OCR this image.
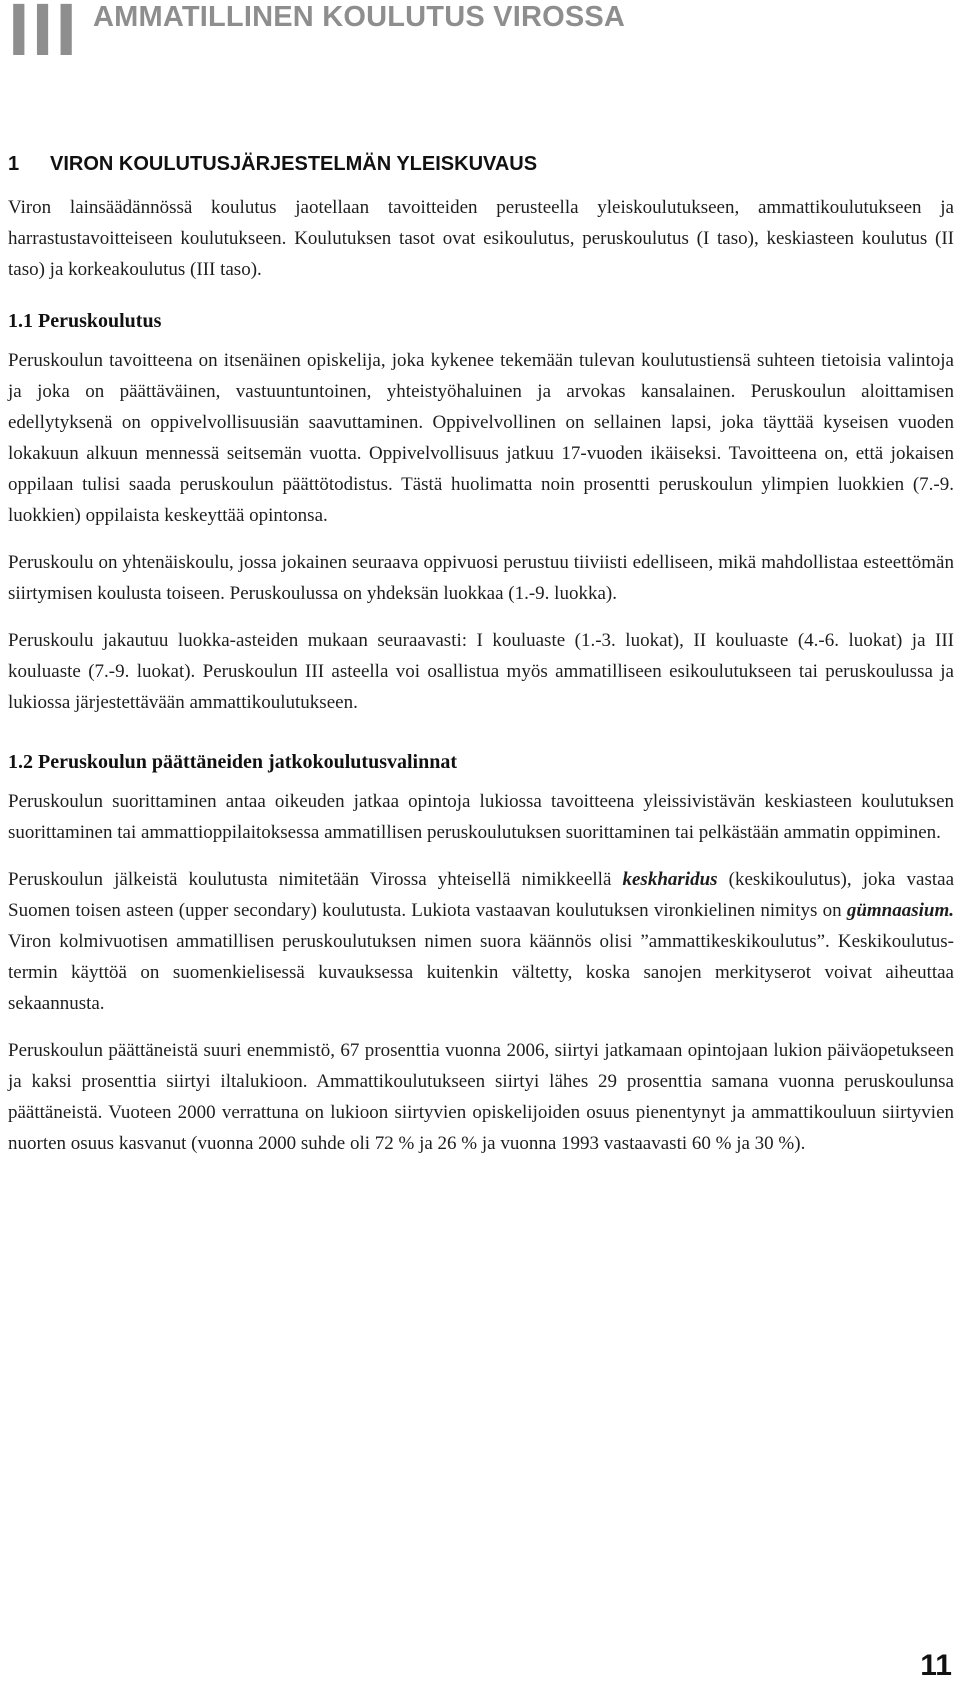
III AMMATILLINEN KOULUTUS VIROSSA
1 VIRON KOULUTUSJÄRJESTELMÄN YLEISKUVAUS

Viron lainsäädännössä koulutus jaotellaan tavoitteiden perusteella yleiskoulutukseen, ammattikoulutukseen ja harrastustavoitteiseen koulutukseen. Koulutuksen tasot ovat esikoulutus, peruskoulutus (I taso), keskiasteen koulutus (II taso) ja korkeakoulutus (III taso).

1.1 Peruskoulutus

Peruskoulun tavoitteena on itsenäinen opiskelija, joka kykenee tekemään tulevan koulutustiensä suhteen tietoisia valintoja ja joka on päättäväinen, vastuuntuntoinen, yhteistyöhaluinen ja arvokas kansalainen. Peruskoulun aloittamisen edellytyksenä on oppivelvollisuusiän saavuttaminen. Oppivelvollinen on sellainen lapsi, joka täyttää kyseisen vuoden lokakuun alkuun mennessä seitsemän vuotta. Oppivelvollisuus jatkuu 17-vuoden ikäiseksi. Tavoitteena on, että jokaisen oppilaan tulisi saada peruskoulun päättötodistus. Tästä huolimatta noin prosentti peruskoulun ylimpien luokkien (7.-9. luokkien) oppilaista keskeyttää opintonsa.

Peruskoulu on yhtenäiskoulu, jossa jokainen seuraava oppivuosi perustuu tiiviisti edelliseen, mikä mahdollistaa esteettömän siirtymisen koulusta toiseen. Peruskoulussa on yhdeksän luokkaa (1.-9. luokka).

Peruskoulu jakautuu luokka-asteiden mukaan seuraavasti: I kouluaste (1.-3. luokat), II kouluaste (4.-6. luokat) ja III kouluaste (7.-9. luokat). Peruskoulun III asteella voi osallistua myös ammatilliseen esikoulutukseen tai peruskoulussa ja lukiossa järjestettävään ammattikoulutukseen.

1.2 Peruskoulun päättäneiden jatkokoulutusvalinnat

Peruskoulun suorittaminen antaa oikeuden jatkaa opintoja lukiossa tavoitteena yleissivistävän keskiasteen koulutuksen suorittaminen tai ammattioppilaitoksessa ammatillisen peruskoulutuksen suorittaminen tai pelkästään ammatin oppiminen.

Peruskoulun jälkeistä koulutusta nimitetään Virossa yhteisellä nimikkeellä keskharidus (keskikoulutus), joka vastaa Suomen toisen asteen (upper secondary) koulutusta. Lukiota vastaavan koulutuksen vironkielinen nimitys on gümnaasium. Viron kolmivuotisen ammatillisen peruskoulutuksen nimen suora käännös olisi ”ammattikeskikoulutus”. Keskikoulutus-termin käyttöä on suomenkielisessä kuvauksessa kuitenkin vältetty, koska sanojen merkityserot voivat aiheuttaa sekaannusta.

Peruskoulun päättäneistä suuri enemmistö, 67 prosenttia vuonna 2006, siirtyi jatkamaan opintojaan lukion päiväopetukseen ja kaksi prosenttia siirtyi iltalukioon. Ammattikoulutukseen siirtyi lähes 29 prosenttia samana vuonna peruskoulunsa päättäneistä. Vuoteen 2000 verrattuna on lukioon siirtyvien opiskelijoiden osuus pienentynyt ja ammattikouluun siirtyvien nuorten osuus kasvanut (vuonna 2000 suhde oli 72 % ja 26 % ja vuonna 1993 vastaavasti 60 % ja 30 %).

11
